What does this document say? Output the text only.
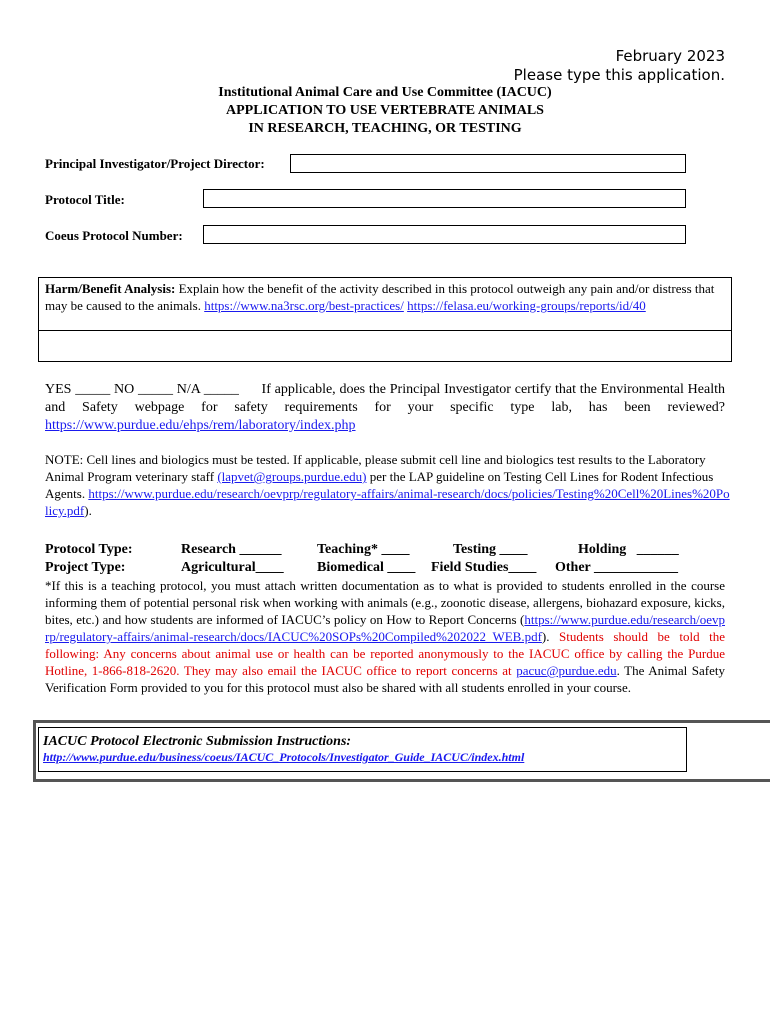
February 2023
Please type this application.
Institutional Animal Care and Use Committee (IACUC)
APPLICATION TO USE VERTEBRATE ANIMALS
IN RESEARCH, TEACHING, OR TESTING
Principal Investigator/Project Director:
Protocol Title:
Coeus Protocol Number:
Harm/Benefit Analysis: Explain how the benefit of the activity described in this protocol outweigh any pain and/or distress that may be caused to the animals. https://www.na3rsc.org/best-practices/ https://felasa.eu/working-groups/reports/id/40
YES _____ NO _____ N/A _____ If applicable, does the Principal Investigator certify that the Environmental Health and Safety webpage for safety requirements for your specific type lab, has been reviewed? https://www.purdue.edu/ehps/rem/laboratory/index.php
NOTE: Cell lines and biologics must be tested. If applicable, please submit cell line and biologics test results to the Laboratory Animal Program veterinary staff (lapvet@groups.purdue.edu) per the LAP guideline on Testing Cell Lines for Rodent Infectious Agents. https://www.purdue.edu/research/oevprp/regulatory-affairs/animal-research/docs/policies/Testing%20Cell%20Lines%20Policy.pdf).
Protocol Type:	Research ______	Teaching* ____	Testing ____	Holding   ______
Project Type:	Agricultural____ Biomedical ____ Field Studies____ Other ____________
*If this is a teaching protocol, you must attach written documentation as to what is provided to students enrolled in the course informing them of potential personal risk when working with animals (e.g., zoonotic disease, allergens, biohazard exposure, kicks, bites, etc.) and how students are informed of IACUC’s policy on How to Report Concerns (https://www.purdue.edu/research/oevprp/regulatory-affairs/animal-research/docs/IACUC%20SOPs%20Compiled%202022_WEB.pdf). Students should be told the following: Any concerns about animal use or health can be reported anonymously to the IACUC office by calling the Purdue Hotline, 1-866-818-2620. They may also email the IACUC office to report concerns at pacuc@purdue.edu. The Animal Safety Verification Form provided to you for this protocol must also be shared with all students enrolled in your course.
IACUC Protocol Electronic Submission Instructions:
http://www.purdue.edu/business/coeus/IACUC_Protocols/Investigator_Guide_IACUC/index.html
